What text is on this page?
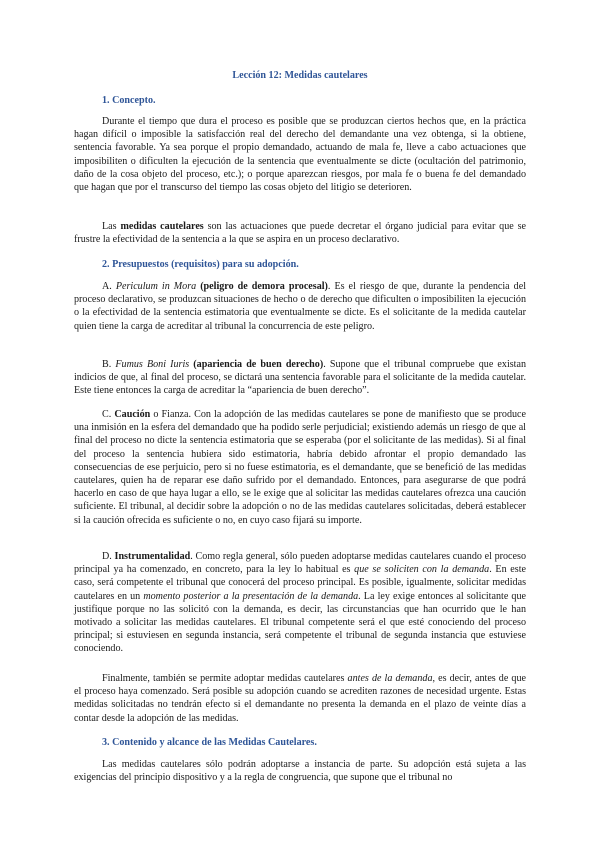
Lección 12: Medidas cautelares
1. Concepto.

Durante el tiempo que dura el proceso es posible que se produzcan ciertos hechos que, en la práctica hagan difícil o imposible la satisfacción real del derecho del demandante una vez obtenga, si la obtiene, sentencia favorable. Ya sea porque el propio demandado, actuando de mala fe, lleve a cabo actuaciones que imposibiliten o dificulten la ejecución de la sentencia que eventualmente se dicte (ocultación del patrimonio, daño de la cosa objeto del proceso, etc.); o porque aparezcan riesgos, por mala fe o buena fe del demandado que hagan que por el transcurso del tiempo las cosas objeto del litigio se deterioren.

Las medidas cautelares son las actuaciones que puede decretar el órgano judicial para evitar que se frustre la efectividad de la sentencia a la que se aspira en un proceso declarativo.

2. Presupuestos (requisitos) para su adopción.

A. Periculum in Mora (peligro de demora procesal). Es el riesgo de que, durante la pendencia del proceso declarativo, se produzcan situaciones de hecho o de derecho que dificulten o imposibiliten la ejecución o la efectividad de la sentencia estimatoria que eventualmente se dicte. Es el solicitante de la medida cautelar quien tiene la carga de acreditar al tribunal la concurrencia de este peligro.

B. Fumus Boni Iuris (apariencia de buen derecho). Supone que el tribunal compruebe que existan indicios de que, al final del proceso, se dictará una sentencia favorable para el solicitante de la medida cautelar. Este tiene entonces la carga de acreditar la “apariencia de buen derecho”.

C. Caución o Fianza. Con la adopción de las medidas cautelares se pone de manifiesto que se produce una inmisión en la esfera del demandado que ha podido serle perjudicial; existiendo además un riesgo de que al final del proceso no dicte la sentencia estimatoria que se esperaba (por el solicitante de las medidas). Si al final del proceso la sentencia hubiera sido estimatoria, habría debido afrontar el propio demandado las consecuencias de ese perjuicio, pero si no fuese estimatoria, es el demandante, que se benefició de las medidas cautelares, quien ha de reparar ese daño sufrido por el demandado. Entonces, para asegurarse de que podrá hacerlo en caso de que haya lugar a ello, se le exige que al solicitar las medidas cautelares ofrezca una caución suficiente. El tribunal, al decidir sobre la adopción o no de las medidas cautelares solicitadas, deberá establecer si la caución ofrecida es suficiente o no, en cuyo caso fijará su importe.

D. Instrumentalidad. Como regla general, sólo pueden adoptarse medidas cautelares cuando el proceso principal ya ha comenzado, en concreto, para la ley lo habitual es que se soliciten con la demanda. En este caso, será competente el tribunal que conocerá del proceso principal. Es posible, igualmente, solicitar medidas cautelares en un momento posterior a la presentación de la demanda. La ley exige entonces al solicitante que justifique porque no las solicitó con la demanda, es decir, las circunstancias que han ocurrido que le han motivado a solicitar las medidas cautelares. El tribunal competente será el que esté conociendo del proceso principal; si estuviesen en segunda instancia, será competente el tribunal de segunda instancia que estuviese conociendo.

Finalmente, también se permite adoptar medidas cautelares antes de la demanda, es decir, antes de que el proceso haya comenzado. Será posible su adopción cuando se acrediten razones de necesidad urgente. Estas medidas solicitadas no tendrán efecto si el demandante no presenta la demanda en el plazo de veinte días a contar desde la adopción de las medidas.

3. Contenido y alcance de las Medidas Cautelares.

Las medidas cautelares sólo podrán adoptarse a instancia de parte. Su adopción está sujeta a las exigencias del principio dispositivo y a la regla de congruencia, que supone que el tribunal no
